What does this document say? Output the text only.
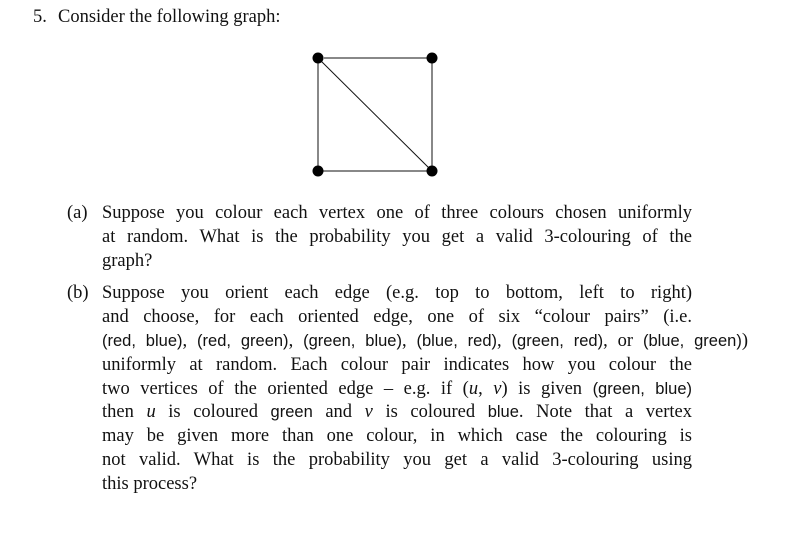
5. Consider the following graph:
(a) Suppose you colour each vertex one of three colours chosen uniformly
at random. What is the probability you get a valid 3-colouring of the
graph?
(b) Suppose you orient each edge (e.g. top to bottom, left to right)
and choose, for each oriented edge, one of six “colour pairs” (i.e.
(red, blue), (red, green), (green, blue), (blue, red), (green, red), or (blue, green))
uniformly at random. Each colour pair indicates how you colour the
two vertices of the oriented edge – e.g. if (u, v) is given (green, blue)
then u is coloured green and v is coloured blue. Note that a vertex
may be given more than one colour, in which case the colouring is
not valid. What is the probability you get a valid 3-colouring using
this process?
